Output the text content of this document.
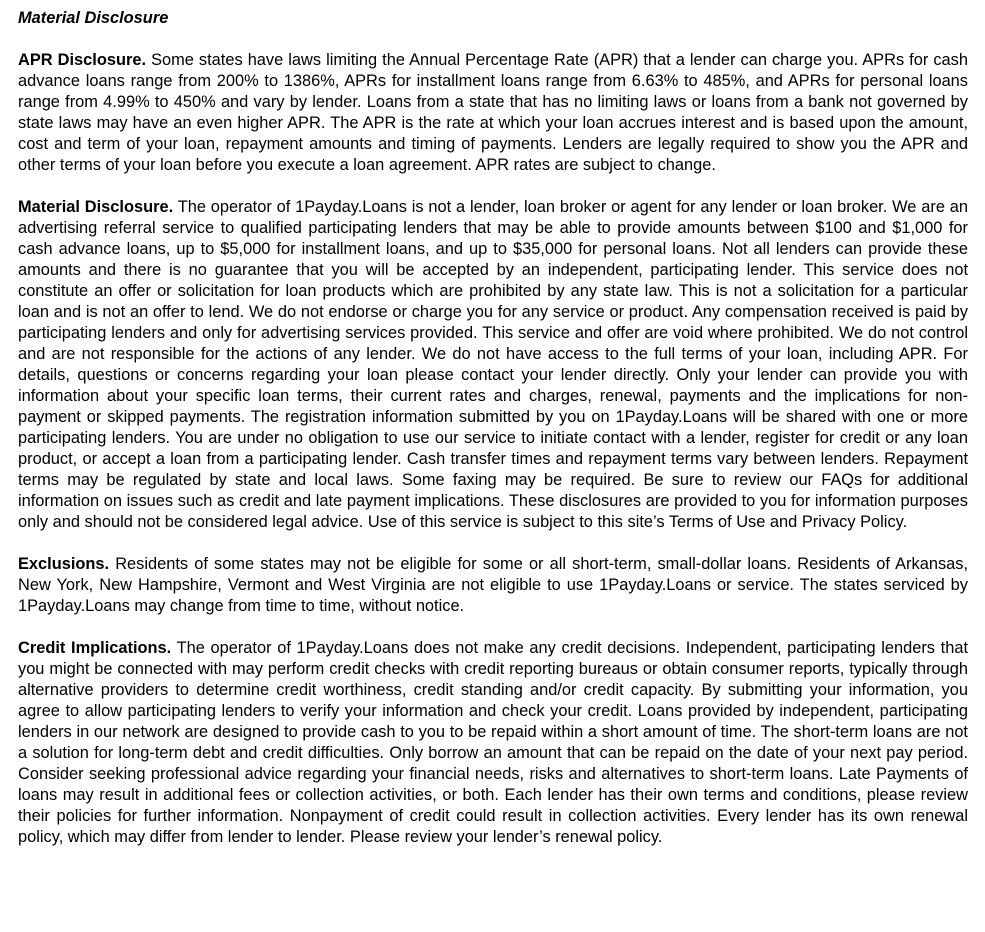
Material Disclosure

APR Disclosure. Some states have laws limiting the Annual Percentage Rate (APR) that a lender can charge you. APRs for cash advance loans range from 200% to 1386%, APRs for installment loans range from 6.63% to 485%, and APRs for personal loans range from 4.99% to 450% and vary by lender. Loans from a state that has no limiting laws or loans from a bank not governed by state laws may have an even higher APR. The APR is the rate at which your loan accrues interest and is based upon the amount, cost and term of your loan, repayment amounts and timing of payments. Lenders are legally required to show you the APR and other terms of your loan before you execute a loan agreement. APR rates are subject to change.

Material Disclosure. The operator of 1Payday.Loans is not a lender, loan broker or agent for any lender or loan broker. We are an advertising referral service to qualified participating lenders that may be able to provide amounts between $100 and $1,000 for cash advance loans, up to $5,000 for installment loans, and up to $35,000 for personal loans. Not all lenders can provide these amounts and there is no guarantee that you will be accepted by an independent, participating lender. This service does not constitute an offer or solicitation for loan products which are prohibited by any state law. This is not a solicitation for a particular loan and is not an offer to lend. We do not endorse or charge you for any service or product. Any compensation received is paid by participating lenders and only for advertising services provided. This service and offer are void where prohibited. We do not control and are not responsible for the actions of any lender. We do not have access to the full terms of your loan, including APR. For details, questions or concerns regarding your loan please contact your lender directly. Only your lender can provide you with information about your specific loan terms, their current rates and charges, renewal, payments and the implications for non-payment or skipped payments. The registration information submitted by you on 1Payday.Loans will be shared with one or more participating lenders. You are under no obligation to use our service to initiate contact with a lender, register for credit or any loan product, or accept a loan from a participating lender. Cash transfer times and repayment terms vary between lenders. Repayment terms may be regulated by state and local laws. Some faxing may be required. Be sure to review our FAQs for additional information on issues such as credit and late payment implications. These disclosures are provided to you for information purposes only and should not be considered legal advice. Use of this service is subject to this site’s Terms of Use and Privacy Policy.

Exclusions. Residents of some states may not be eligible for some or all short-term, small-dollar loans. Residents of Arkansas, New York, New Hampshire, Vermont and West Virginia are not eligible to use 1Payday.Loans or service. The states serviced by 1Payday.Loans may change from time to time, without notice.

Credit Implications. The operator of 1Payday.Loans does not make any credit decisions. Independent, participating lenders that you might be connected with may perform credit checks with credit reporting bureaus or obtain consumer reports, typically through alternative providers to determine credit worthiness, credit standing and/or credit capacity. By submitting your information, you agree to allow participating lenders to verify your information and check your credit. Loans provided by independent, participating lenders in our network are designed to provide cash to you to be repaid within a short amount of time. The short-term loans are not a solution for long-term debt and credit difficulties. Only borrow an amount that can be repaid on the date of your next pay period. Consider seeking professional advice regarding your financial needs, risks and alternatives to short-term loans. Late Payments of loans may result in additional fees or collection activities, or both. Each lender has their own terms and conditions, please review their policies for further information. Nonpayment of credit could result in collection activities. Every lender has its own renewal policy, which may differ from lender to lender. Please review your lender’s renewal policy.
